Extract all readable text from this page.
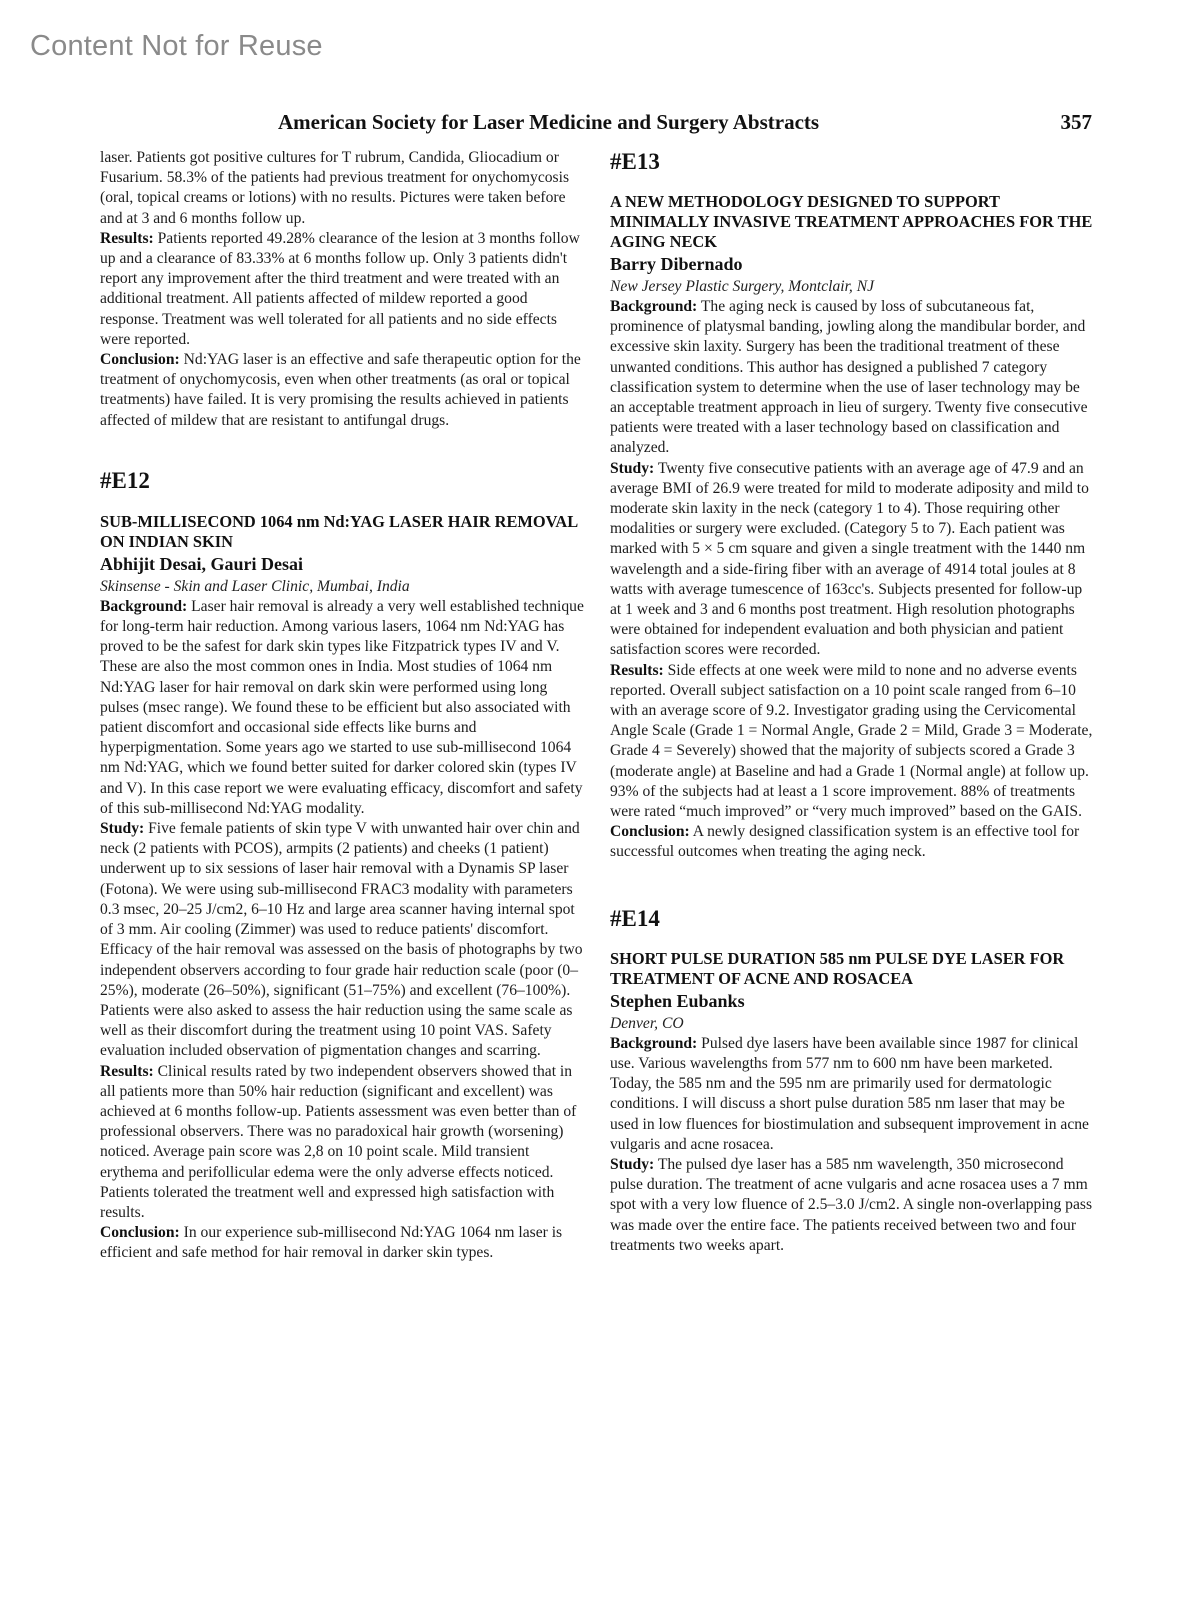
Content Not for Reuse
American Society for Laser Medicine and Surgery Abstracts	357

laser. Patients got positive cultures for T rubrum, Candida, Gliocadium or Fusarium. 58.3% of the patients had previous treatment for onychomycosis (oral, topical creams or lotions) with no results. Pictures were taken before and at 3 and 6 months follow up.

Results: Patients reported 49.28% clearance of the lesion at 3 months follow up and a clearance of 83.33% at 6 months follow up. Only 3 patients didn't report any improvement after the third treatment and were treated with an additional treatment. All patients affected of mildew reported a good response. Treatment was well tolerated for all patients and no side effects were reported.

Conclusion: Nd:YAG laser is an effective and safe therapeutic option for the treatment of onychomycosis, even when other treatments (as oral or topical treatments) have failed. It is very promising the results achieved in patients affected of mildew that are resistant to antifungal drugs.

#E12
SUB-MILLISECOND 1064 nm Nd:YAG LASER HAIR REMOVAL ON INDIAN SKIN
Abhijit Desai, Gauri Desai
Skinsense - Skin and Laser Clinic, Mumbai, India

Background: Laser hair removal is already a very well established technique for long-term hair reduction. Among various lasers, 1064 nm Nd:YAG has proved to be the safest for dark skin types like Fitzpatrick types IV and V. These are also the most common ones in India. Most studies of 1064 nm Nd:YAG laser for hair removal on dark skin were performed using long pulses (msec range). We found these to be efficient but also associated with patient discomfort and occasional side effects like burns and hyperpigmentation. Some years ago we started to use sub-millisecond 1064 nm Nd:YAG, which we found better suited for darker colored skin (types IV and V). In this case report we were evaluating efficacy, discomfort and safety of this sub-millisecond Nd:YAG modality.

Study: Five female patients of skin type V with unwanted hair over chin and neck (2 patients with PCOS), armpits (2 patients) and cheeks (1 patient) underwent up to six sessions of laser hair removal with a Dynamis SP laser (Fotona). We were using sub-millisecond FRAC3 modality with parameters 0.3 msec, 20–25 J/cm2, 6–10 Hz and large area scanner having internal spot of 3 mm. Air cooling (Zimmer) was used to reduce patients' discomfort. Efficacy of the hair removal was assessed on the basis of photographs by two independent observers according to four grade hair reduction scale (poor (0–25%), moderate (26–50%), significant (51–75%) and excellent (76–100%). Patients were also asked to assess the hair reduction using the same scale as well as their discomfort during the treatment using 10 point VAS. Safety evaluation included observation of pigmentation changes and scarring.

Results: Clinical results rated by two independent observers showed that in all patients more than 50% hair reduction (significant and excellent) was achieved at 6 months follow-up. Patients assessment was even better than of professional observers. There was no paradoxical hair growth (worsening) noticed. Average pain score was 2,8 on 10 point scale. Mild transient erythema and perifollicular edema were the only adverse effects noticed. Patients tolerated the treatment well and expressed high satisfaction with results.

Conclusion: In our experience sub-millisecond Nd:YAG 1064 nm laser is efficient and safe method for hair removal in darker skin types.

#E13
A NEW METHODOLOGY DESIGNED TO SUPPORT MINIMALLY INVASIVE TREATMENT APPROACHES FOR THE AGING NECK
Barry Dibernado
New Jersey Plastic Surgery, Montclair, NJ

Background: The aging neck is caused by loss of subcutaneous fat, prominence of platysmal banding, jowling along the mandibular border, and excessive skin laxity. Surgery has been the traditional treatment of these unwanted conditions. This author has designed a published 7 category classification system to determine when the use of laser technology may be an acceptable treatment approach in lieu of surgery. Twenty five consecutive patients were treated with a laser technology based on classification and analyzed.

Study: Twenty five consecutive patients with an average age of 47.9 and an average BMI of 26.9 were treated for mild to moderate adiposity and mild to moderate skin laxity in the neck (category 1 to 4). Those requiring other modalities or surgery were excluded. (Category 5 to 7). Each patient was marked with 5 × 5 cm square and given a single treatment with the 1440 nm wavelength and a side-firing fiber with an average of 4914 total joules at 8 watts with average tumescence of 163cc's. Subjects presented for follow-up at 1 week and 3 and 6 months post treatment. High resolution photographs were obtained for independent evaluation and both physician and patient satisfaction scores were recorded.

Results: Side effects at one week were mild to none and no adverse events reported. Overall subject satisfaction on a 10 point scale ranged from 6–10 with an average score of 9.2. Investigator grading using the Cervicomental Angle Scale (Grade 1 = Normal Angle, Grade 2 = Mild, Grade 3 = Moderate, Grade 4 = Severely) showed that the majority of subjects scored a Grade 3 (moderate angle) at Baseline and had a Grade 1 (Normal angle) at follow up. 93% of the subjects had at least a 1 score improvement. 88% of treatments were rated “much improved” or “very much improved” based on the GAIS.

Conclusion: A newly designed classification system is an effective tool for successful outcomes when treating the aging neck.

#E14
SHORT PULSE DURATION 585 nm PULSE DYE LASER FOR TREATMENT OF ACNE AND ROSACEA
Stephen Eubanks
Denver, CO

Background: Pulsed dye lasers have been available since 1987 for clinical use. Various wavelengths from 577 nm to 600 nm have been marketed. Today, the 585 nm and the 595 nm are primarily used for dermatologic conditions. I will discuss a short pulse duration 585 nm laser that may be used in low fluences for biostimulation and subsequent improvement in acne vulgaris and acne rosacea.

Study: The pulsed dye laser has a 585 nm wavelength, 350 microsecond pulse duration. The treatment of acne vulgaris and acne rosacea uses a 7 mm spot with a very low fluence of 2.5–3.0 J/cm2. A single non-overlapping pass was made over the entire face. The patients received between two and four treatments two weeks apart.
